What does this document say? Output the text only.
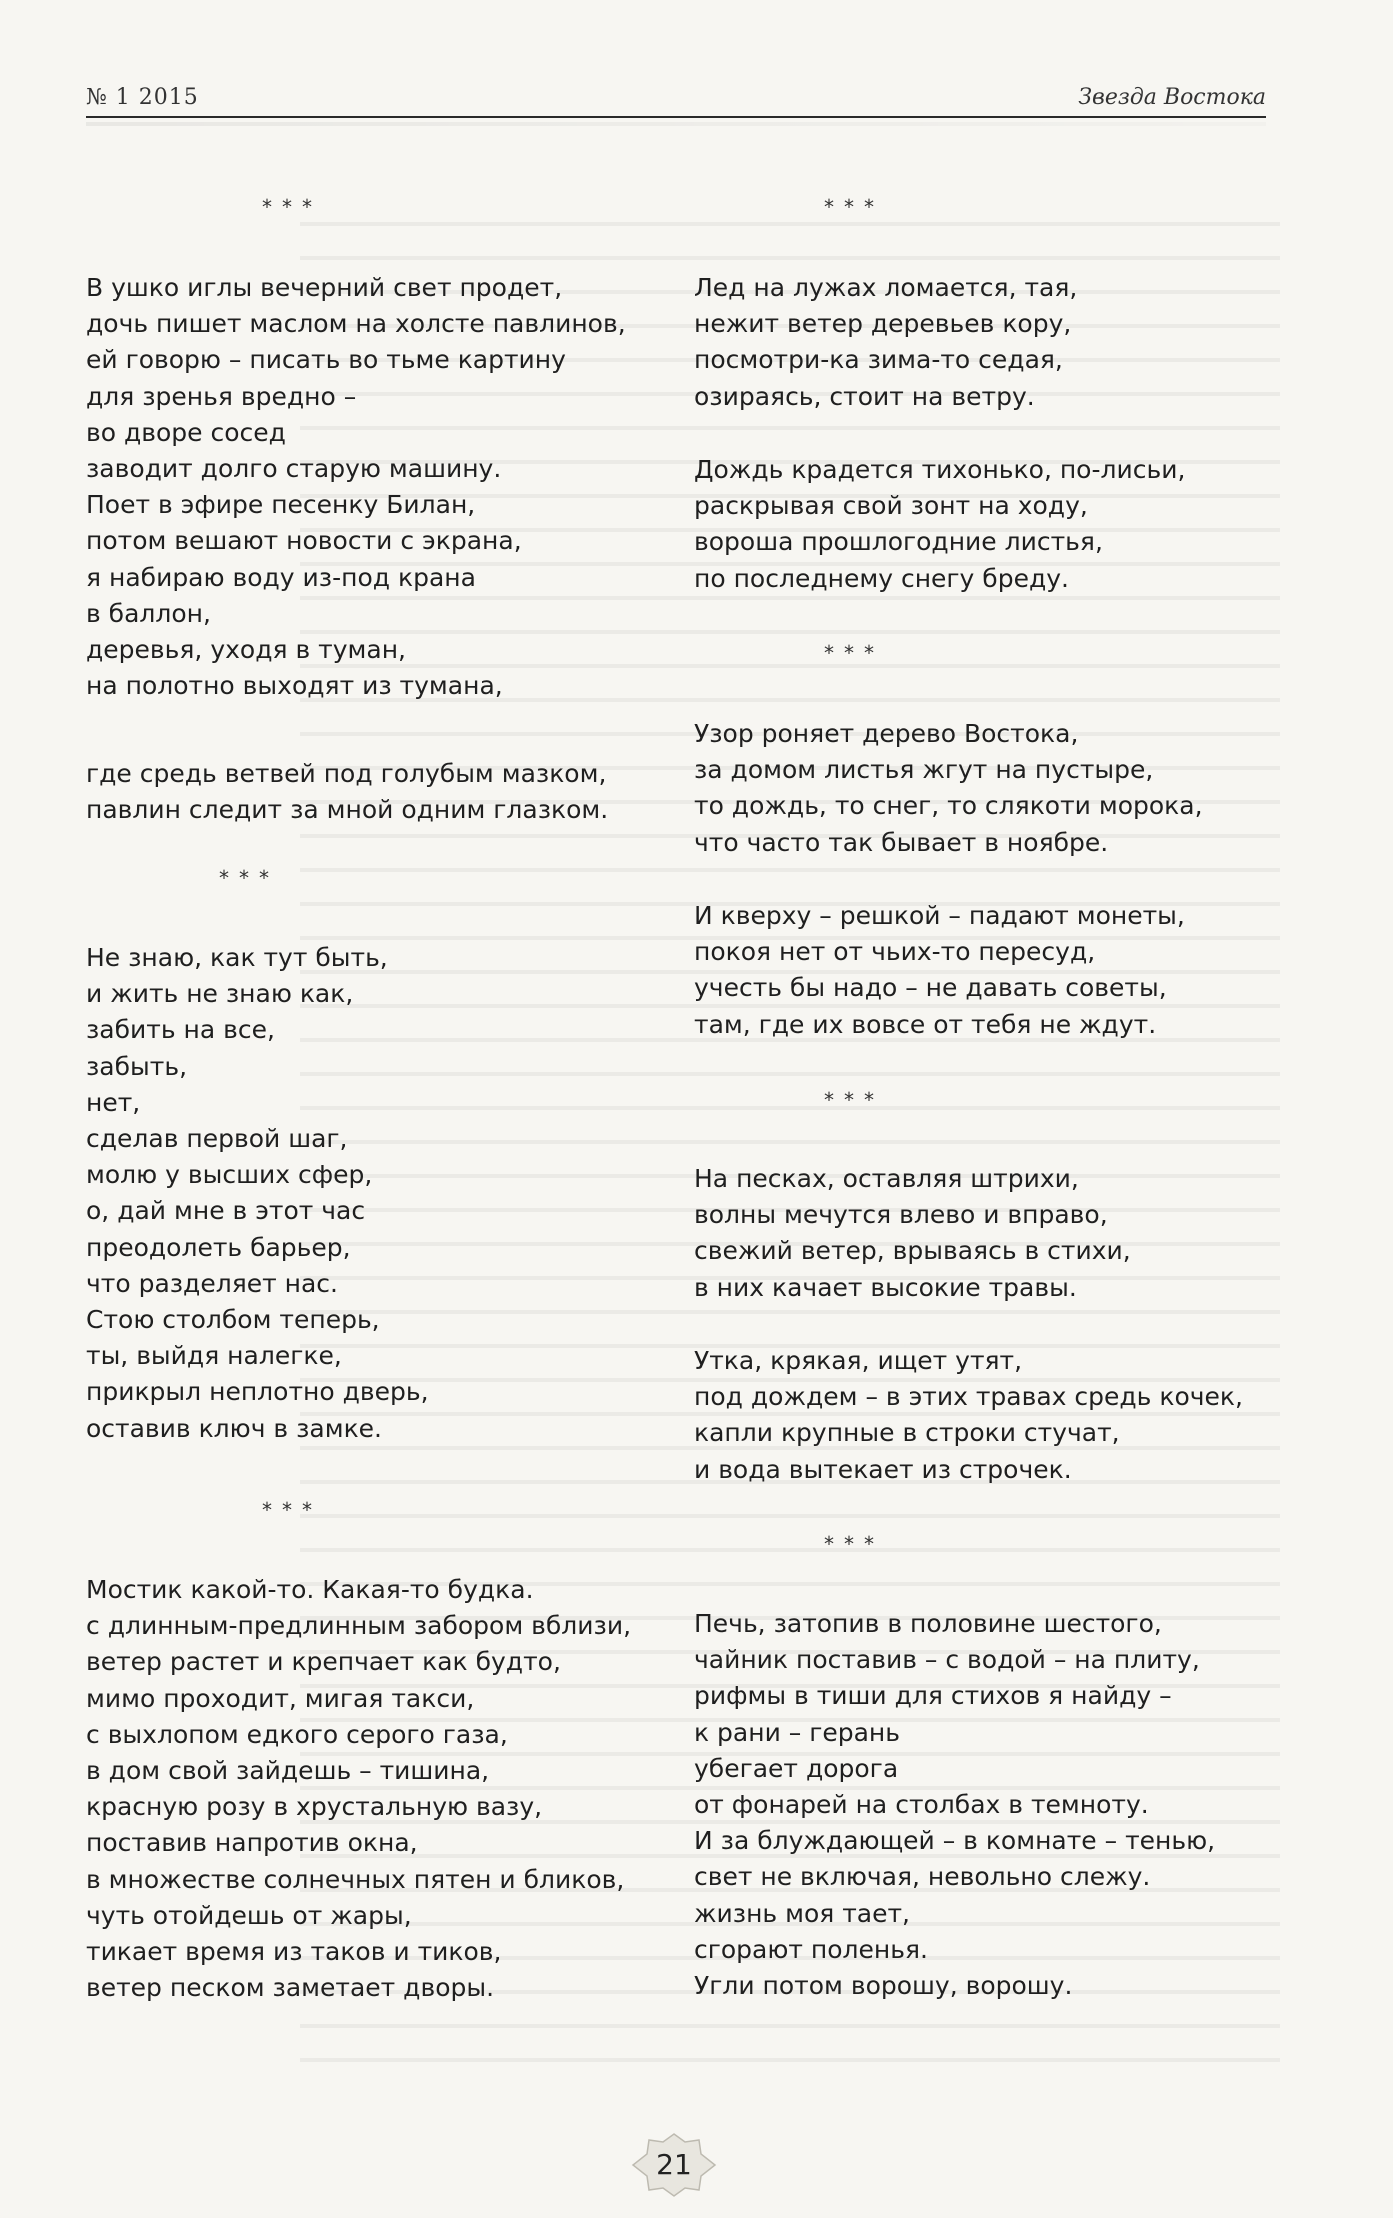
№ 1 2015	Звезда Востока
***
В ушко иглы вечерний свет продет,
дочь пишет маслом на холсте павлинов,
ей говорю – писать во тьме картину
для зренья вредно –
во дворе сосед
заводит долго старую машину.
Поет в эфире песенку Билан,
потом вешают новости с экрана,
я набираю воду из-под крана
в баллон,
деревья, уходя в туман,
на полотно выходят из тумана,
где средь ветвей под голубым мазком,
павлин следит за мной одним глазком.
***
Не знаю, как тут быть,
и жить не знаю как,
забить на все,
забыть,
нет,
сделав первой шаг,
молю у высших сфер,
о, дай мне в этот час
преодолеть барьер,
что разделяет нас.
Стою столбом теперь,
ты, выйдя налегке,
прикрыл неплотно дверь,
оставив ключ в замке.
***
Мостик какой-то. Какая-то будка.
с длинным-предлинным забором вблизи,
ветер растет и крепчает как будто,
мимо проходит, мигая такси,
с выхлопом едкого серого газа,
в дом свой зайдешь – тишина,
красную розу в хрустальную вазу,
поставив напротив окна,
в множестве солнечных пятен и бликов,
чуть отойдешь от жары,
тикает время из таков и тиков,
ветер песком заметает дворы.
***
Лед на лужах ломается, тая,
нежит ветер деревьев кору,
посмотри-ка зима-то седая,
озираясь, стоит на ветру.
Дождь крадется тихонько, по-лисьи,
раскрывая свой зонт на ходу,
вороша прошлогодние листья,
по последнему снегу бреду.
***
Узор роняет дерево Востока,
за домом листья жгут на пустыре,
то дождь, то снег, то слякоти морока,
что часто так бывает в ноябре.
И кверху – решкой – падают монеты,
покоя нет от чьих-то пересуд,
учесть бы надо – не давать советы,
там, где их вовсе от тебя не ждут.
***
На песках, оставляя штрихи,
волны мечутся влево и вправо,
свежий ветер, врываясь в стихи,
в них качает высокие травы.
Утка, крякая, ищет утят,
под дождем – в этих травах средь кочек,
капли крупные в строки стучат,
и вода вытекает из строчек.
***
Печь, затопив в половине шестого,
чайник поставив – с водой – на плиту,
рифмы в тиши для стихов я найду –
к рани – герань
убегает дорога
от фонарей на столбах в темноту.
И за блуждающей – в комнате – тенью,
свет не включая, невольно слежу.
жизнь моя тает,
сгорают поленья.
Угли потом ворошу, ворошу.
21
